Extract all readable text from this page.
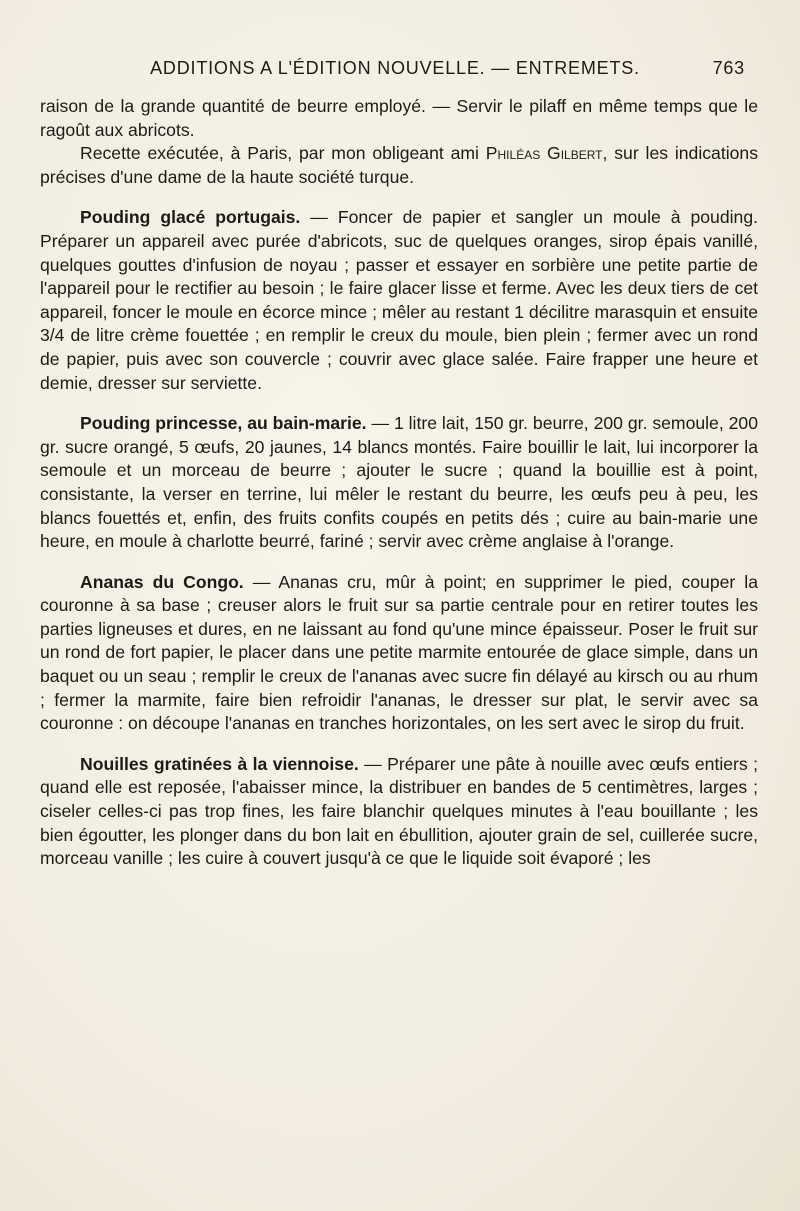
ADDITIONS A L'ÉDITION NOUVELLE. — ENTREMETS.	763

raison de la grande quantité de beurre employé. — Servir le pilaff en même temps que le ragoût aux abricots.

Recette exécutée, à Paris, par mon obligeant ami Philéas Gilbert, sur les indications précises d'une dame de la haute société turque.

Pouding glacé portugais. — Foncer de papier et sangler un moule à pouding. Préparer un appareil avec purée d'abricots, suc de quelques oranges, sirop épais vanillé, quelques gouttes d'infusion de noyau ; passer et essayer en sorbière une petite partie de l'appareil pour le rectifier au besoin ; le faire glacer lisse et ferme. Avec les deux tiers de cet appareil, foncer le moule en écorce mince ; mêler au restant 1 décilitre marasquin et ensuite 3/4 de litre crème fouettée ; en remplir le creux du moule, bien plein ; fermer avec un rond de papier, puis avec son couvercle ; couvrir avec glace salée. Faire frapper une heure et demie, dresser sur serviette.

Pouding princesse, au bain-marie. — 1 litre lait, 150 gr. beurre, 200 gr. semoule, 200 gr. sucre orangé, 5 œufs, 20 jaunes, 14 blancs montés. Faire bouillir le lait, lui incorporer la semoule et un morceau de beurre ; ajouter le sucre ; quand la bouillie est à point, consistante, la verser en terrine, lui mêler le restant du beurre, les œufs peu à peu, les blancs fouettés et, enfin, des fruits confits coupés en petits dés ; cuire au bain-marie une heure, en moule à charlotte beurré, fariné ; servir avec crème anglaise à l'orange.

Ananas du Congo. — Ananas cru, mûr à point; en supprimer le pied, couper la couronne à sa base ; creuser alors le fruit sur sa partie centrale pour en retirer toutes les parties ligneuses et dures, en ne laissant au fond qu'une mince épaisseur. Poser le fruit sur un rond de fort papier, le placer dans une petite marmite entourée de glace simple, dans un baquet ou un seau ; remplir le creux de l'ananas avec sucre fin délayé au kirsch ou au rhum ; fermer la marmite, faire bien refroidir l'ananas, le dresser sur plat, le servir avec sa couronne : on découpe l'ananas en tranches horizontales, on les sert avec le sirop du fruit.

Nouilles gratinées à la viennoise. — Préparer une pâte à nouille avec œufs entiers ; quand elle est reposée, l'abaisser mince, la distribuer en bandes de 5 centimètres, larges ; ciseler celles-ci pas trop fines, les faire blanchir quelques minutes à l'eau bouillante ; les bien égoutter, les plonger dans du bon lait en ébullition, ajouter grain de sel, cuillerée sucre, morceau vanille ; les cuire à couvert jusqu'à ce que le liquide soit évaporé ; les
